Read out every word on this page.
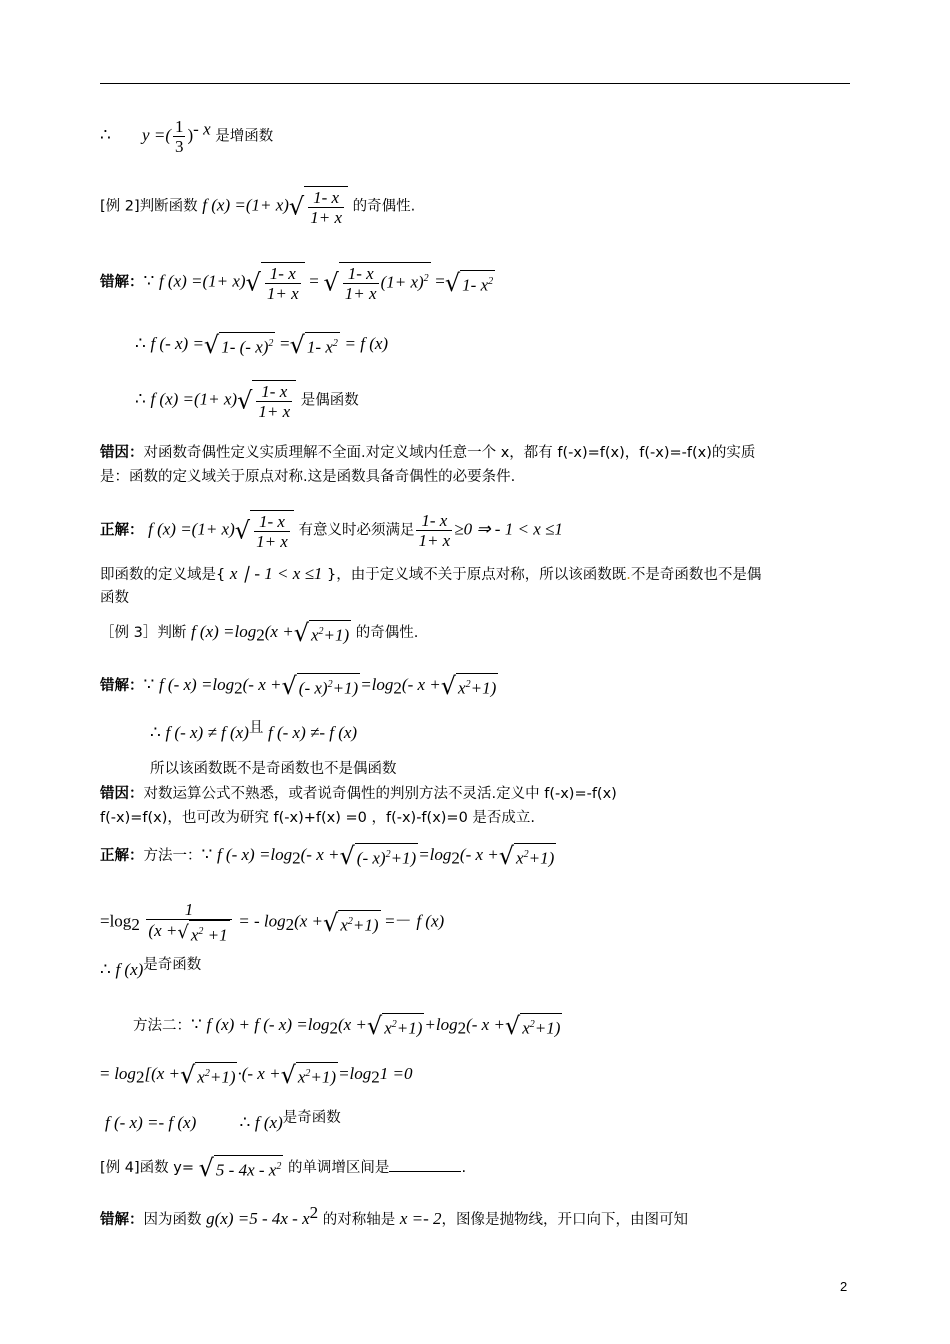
∴ y =( $\frac{1}{3} )^{- x}$ 是增函数
[例 2]判断函数 f $(x) =(1+ x)√ \frac{1- x}{1+ x}$ 的奇偶性.
错解：∵ f $(x) =(1+ x)√ \frac{1- x}{1+ x}$ = √ $\frac{1- x}{1+ x} (1+ x)^2$ =√ 1- $x^2$
∴ f (- x) =√ 1- (- x)$^2$ =√ 1- $x^2 = f$ (x)
∴ f $(x) =(1+ x)√ \frac{1- x}{1+ x}$ 是偶函数
错因：对函数奇偶性定义实质理解不全面.对定义域内任意一个 x，都有 f(-x)=f(x)，f(-x)=-f(x)的实质
是：函数的定义域关于原点对称.这是函数具备奇偶性的必要条件.
正解： f $(x) =(1+ x)√ \frac{1- x}{1+ x}$ 有意义时必须满足 $\frac{1- x}{1+ x} \ge 0$ ⇒ - 1 < x ≤1
即函数的定义域是{ x ∣ - 1 < x ≤1 }，由于定义域不关于原点对称，所以该函数既.不是奇函数也不是偶
函数
［例 3］判断 f $(x) =\log_2(x$ +√ $x^2+1$) 的奇偶性.
错解：∵ f (- $x) =\log_2(-$ x +√ (- $x)^2+1) =\log_2(-$ x +√ $x^2+1$)
∴ f (- x) ≠ f $(x)^且$ f (- x) ≠- f (x)
所以该函数既不是奇函数也不是偶函数
错因：对数运算公式不熟悉，或者说奇偶性的判别方法不灵活.定义中 f(-x)=-f(x)
f(-x)=f(x)，也可改为研究 f(-x)+f(x) =0 ，f(-x)-f(x)=0 是否成立.
正解：方法一：∵ f (- $x) =\log_2(-$ x +√ (- $x)^2+1) =\log_2(-$ x +√ $x^2+1$)
$=\log_2 \frac{1}{(x +√ x^2 +1}$ = - $\log_2(x$ +√ $x^2+1) =- f$ (x)
∴ f $(x)^{是奇函数}$
方法二：∵ f (x) + f (- $x) =\log_2(x$ +√ $x^2+1) +\log_2(-$ x +√ $x^2+1$)
= $\log_2[(x$ +√ $x^2+1$) ·(- x +√ $x^2+1) =\log_21 =0$
f (- x) =- f (x)	∴ f $(x)^{是奇函数}$
[例 4]函数 y= √ $5 - 4x - x^2$ 的单调增区间是	.
错解：因为函数 $g(x) =5 - 4x - x^2$ 的对称轴是 x =- 2，图像是抛物线，开口向下，由图可知
2
